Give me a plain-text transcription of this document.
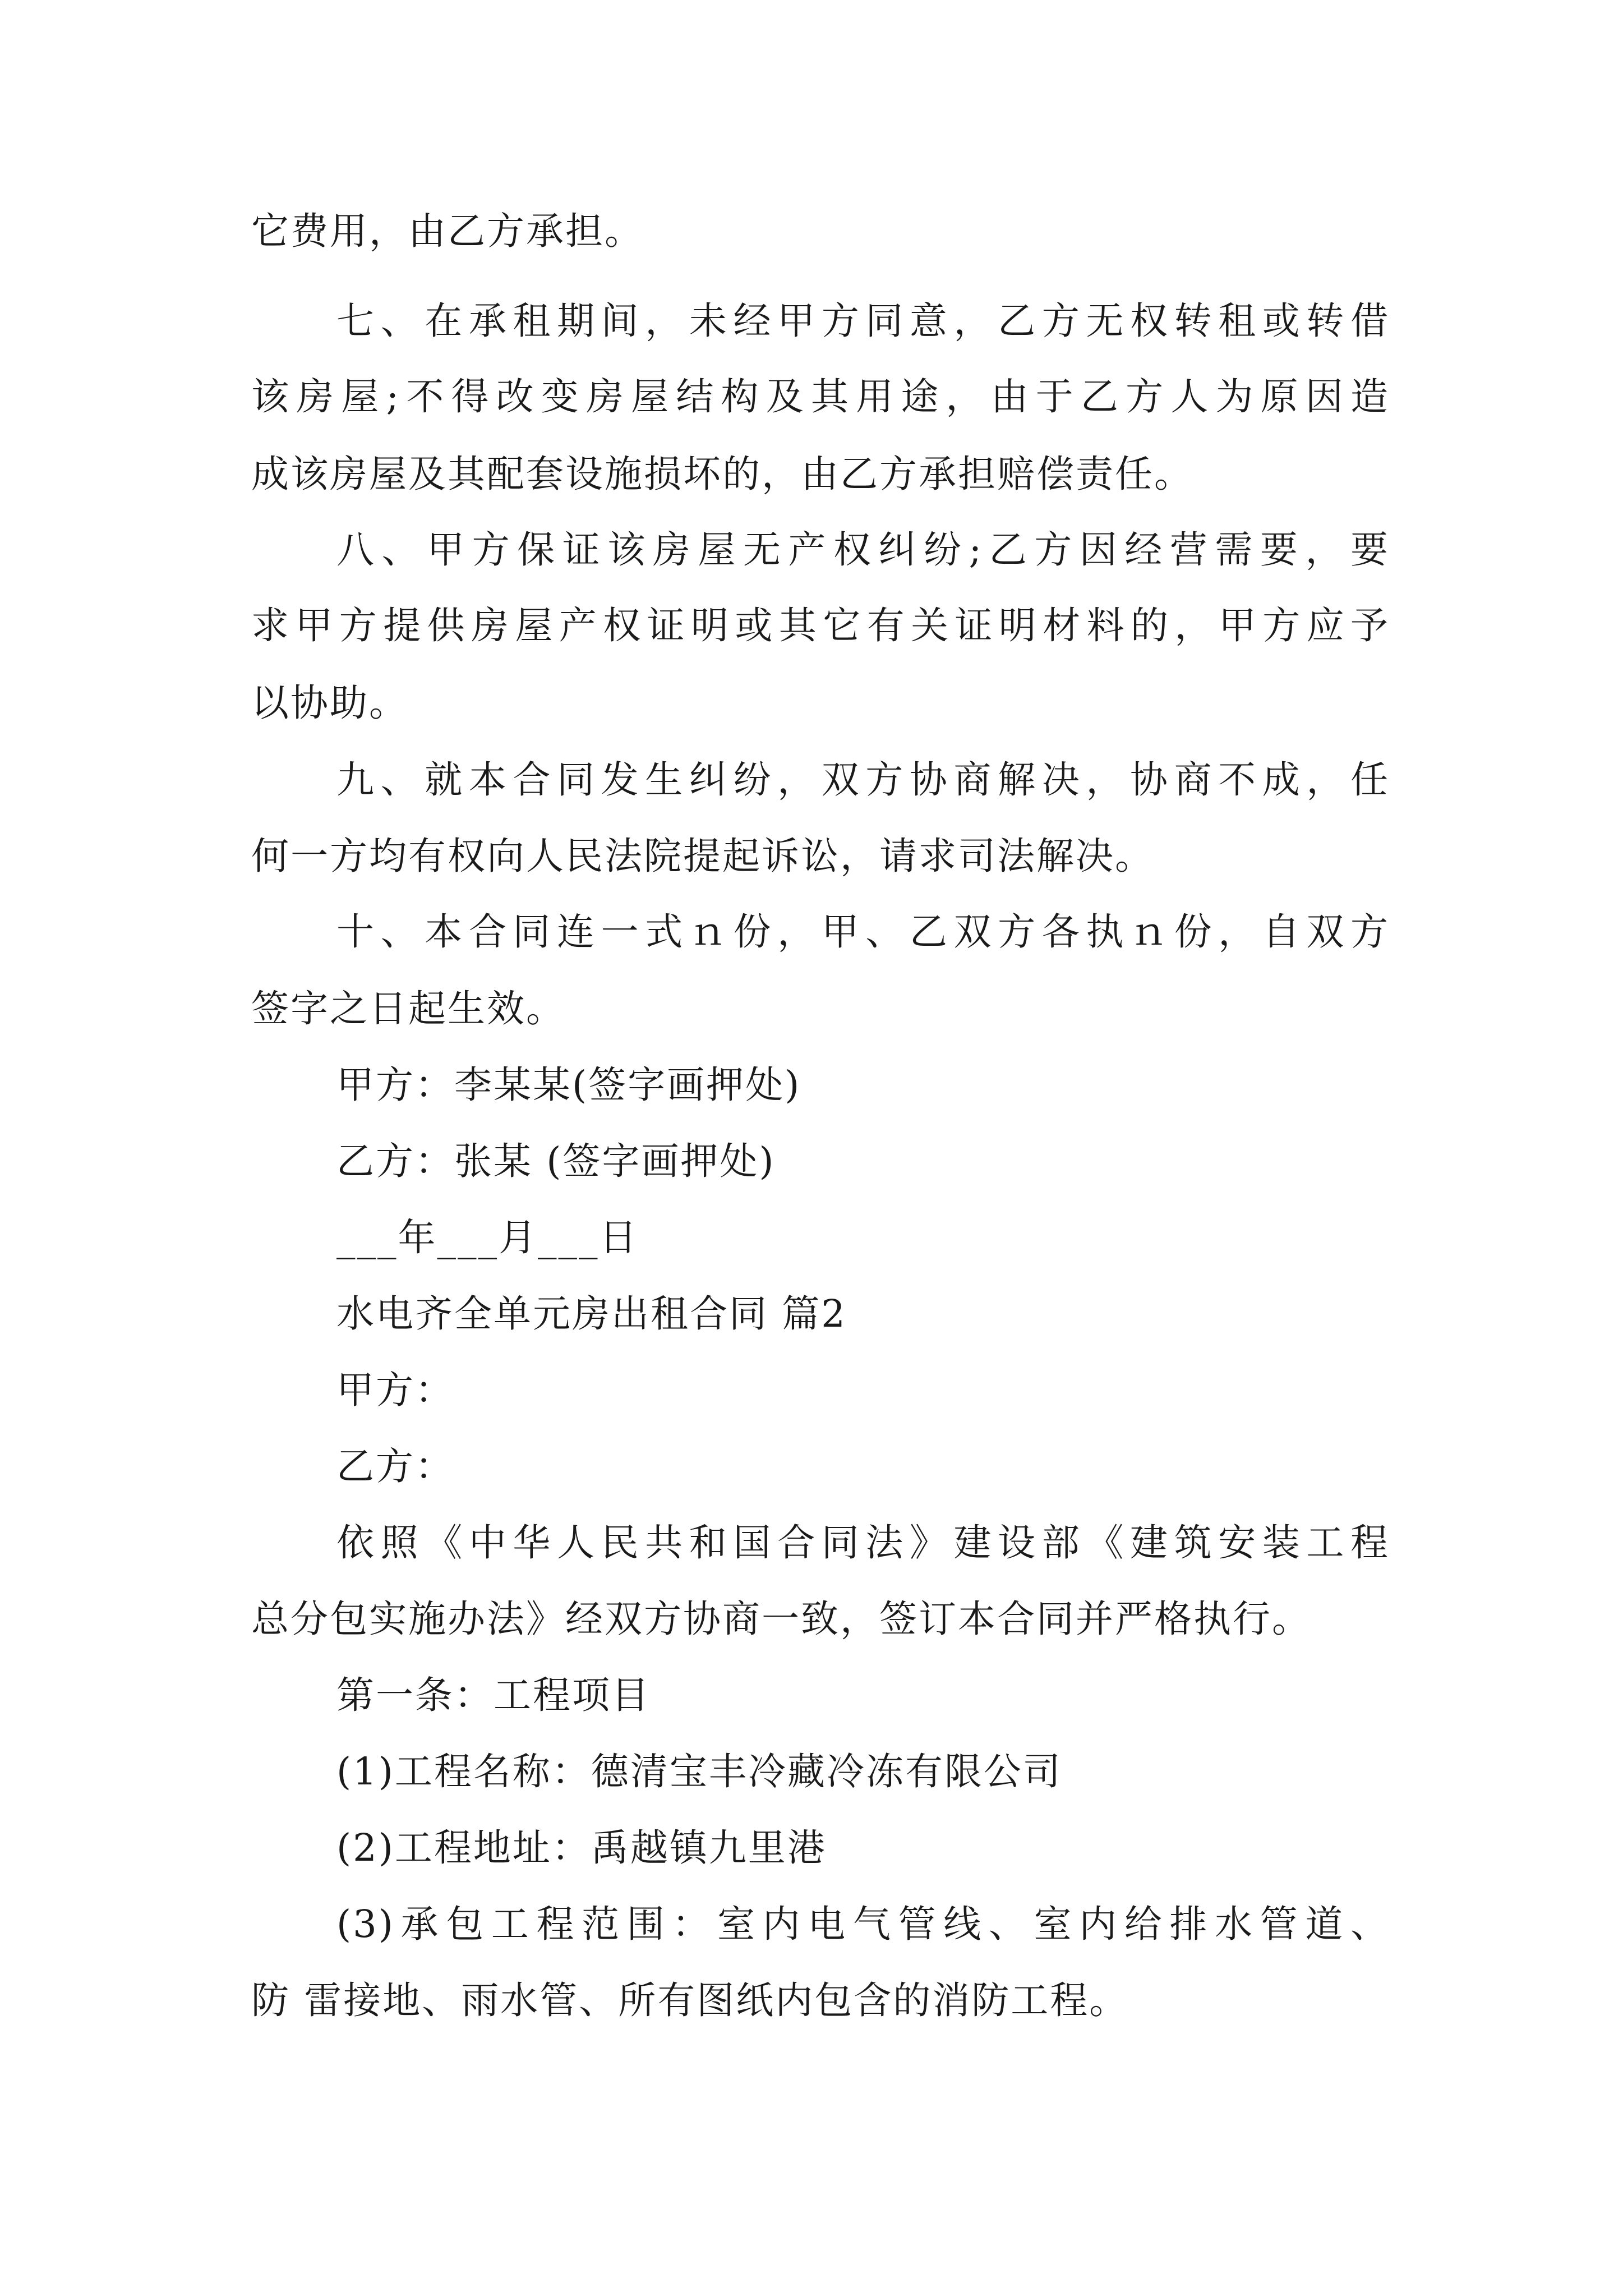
它费用，由乙方承担。
七、在承租期间，未经甲方同意，乙方无权转租或转借
该房屋;不得改变房屋结构及其用途，由于乙方人为原因造
成该房屋及其配套设施损坏的，由乙方承担赔偿责任。
八、甲方保证该房屋无产权纠纷;乙方因经营需要，要
求甲方提供房屋产权证明或其它有关证明材料的，甲方应予
以协助。
九、就本合同发生纠纷，双方协商解决，协商不成，任
何一方均有权向人民法院提起诉讼，请求司法解决。
十、本合同连一式ｎ份，甲、乙双方各执ｎ份，自双方
签字之日起生效。
甲方：李某某(签字画押处)
乙方：张某 (签字画押处)
___年___月___日
水电齐全单元房出租合同 篇2
甲方：
乙方：
依照《中华人民共和国合同法》建设部《建筑安装工程
总分包实施办法》经双方协商一致，签订本合同并严格执行。
第一条：工程项目
(1)工程名称：德清宝丰冷藏冷冻有限公司
(2)工程地址：禹越镇九里港
(3)承包工程范围：室内电气管线、室内给排水管道、
防 雷接地、雨水管、所有图纸内包含的消防工程。
